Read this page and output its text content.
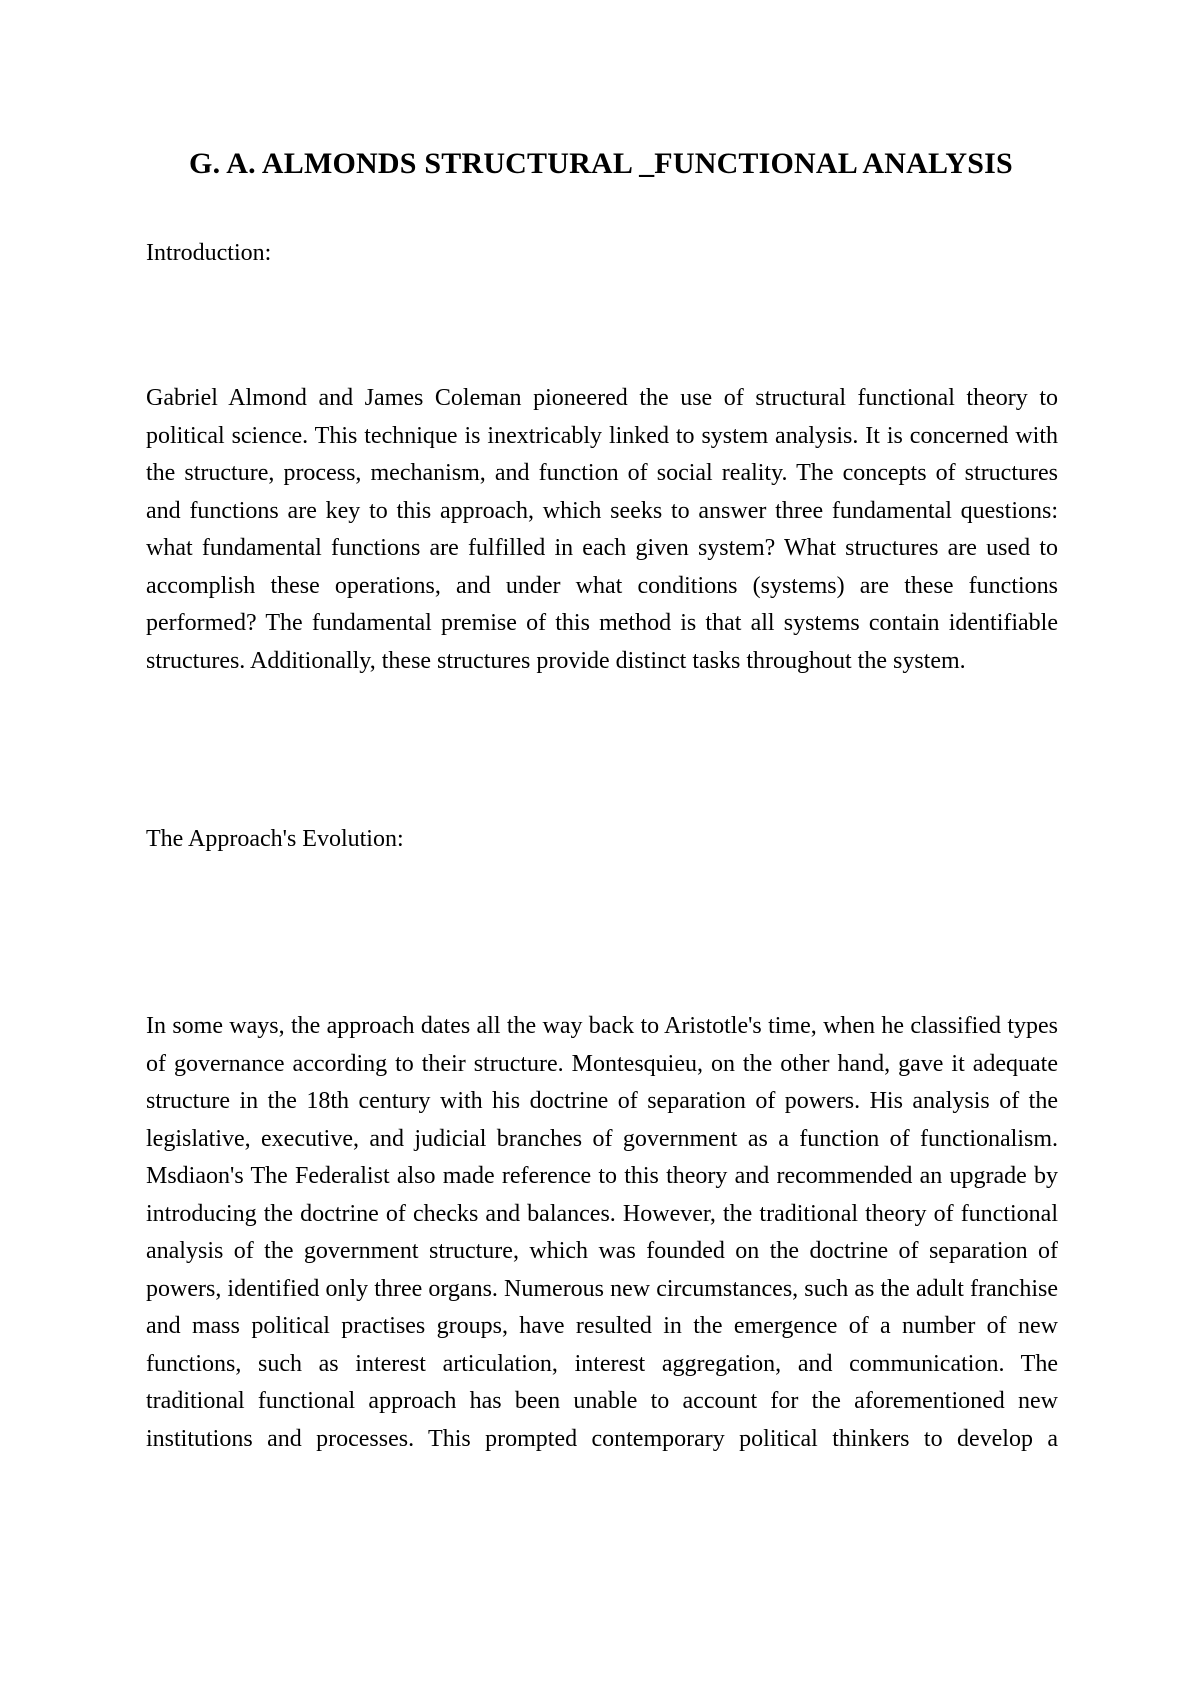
G. A. ALMONDS STRUCTURAL _FUNCTIONAL ANALYSIS
Introduction:

Gabriel Almond and James Coleman pioneered the use of structural functional theory to political science. This technique is inextricably linked to system analysis. It is concerned with the structure, process, mechanism, and function of social reality. The concepts of structures and functions are key to this approach, which seeks to answer three fundamental questions: what fundamental functions are fulfilled in each given system? What structures are used to accomplish these operations, and under what conditions (systems) are these functions performed? The fundamental premise of this method is that all systems contain identifiable structures. Additionally, these structures provide distinct tasks throughout the system.

The Approach's Evolution:

In some ways, the approach dates all the way back to Aristotle's time, when he classified types of governance according to their structure. Montesquieu, on the other hand, gave it adequate structure in the 18th century with his doctrine of separation of powers. His analysis of the legislative, executive, and judicial branches of government as a function of functionalism. Msdiaon's The Federalist also made reference to this theory and recommended an upgrade by introducing the doctrine of checks and balances. However, the traditional theory of functional analysis of the government structure, which was founded on the doctrine of separation of powers, identified only three organs. Numerous new circumstances, such as the adult franchise and mass political practises groups, have resulted in the emergence of a number of new functions, such as interest articulation, interest aggregation, and communication. The traditional functional approach has been unable to account for the aforementioned new institutions and processes. This prompted contemporary political thinkers to develop a
